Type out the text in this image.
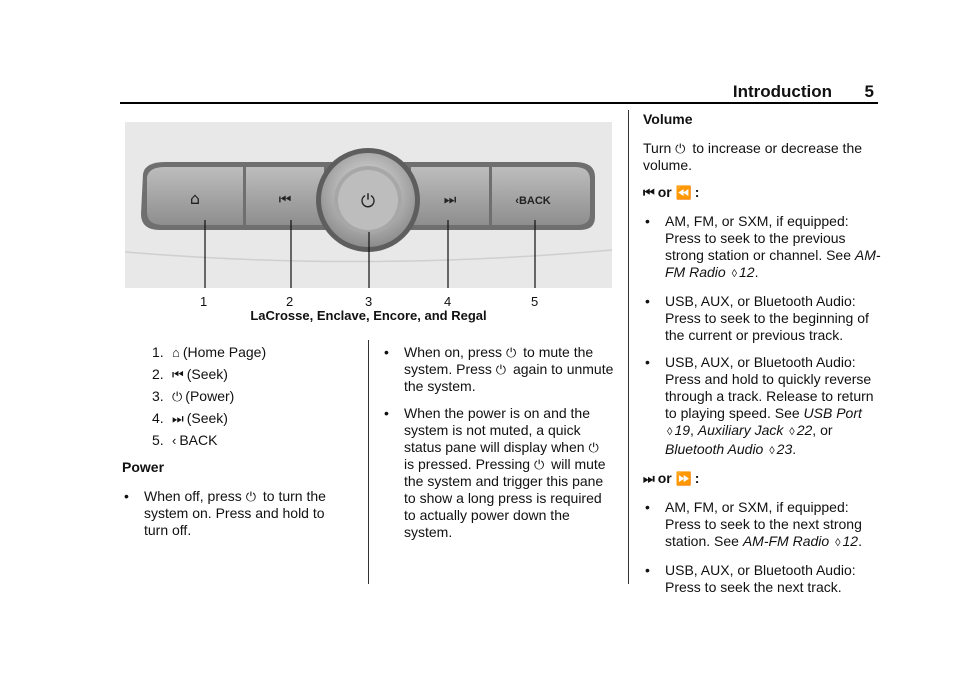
Introduction 5
⌂	⏮	⏻	⏭	‹BACK
1	2	3	4	5
LaCrosse, Enclave, Encore, and Regal
1. ⌂ (Home Page)
2. ⏮ (Seek)
3. ⏻ (Power)
4. ⏭ (Seek)
5. ‹ BACK
Power
• When off, press ⏻ to turn the system on. Press and hold to turn off.
• When on, press ⏻ to mute the system. Press ⏻ again to unmute the system.
• When the power is on and the system is not muted, a quick status pane will display when ⏻ is pressed. Pressing ⏻ will mute the system and trigger this pane to show a long press is required to actually power down the system.
Volume
Turn ⏻ to increase or decrease the volume.
⏮ or ⏪ :
• AM, FM, or SXM, if equipped: Press to seek to the previous strong station or channel. See AM-FM Radio ◊ 12.
• USB, AUX, or Bluetooth Audio: Press to seek to the beginning of the current or previous track.
• USB, AUX, or Bluetooth Audio: Press and hold to quickly reverse through a track. Release to return to playing speed. See USB Port ◊ 19, Auxiliary Jack ◊ 22, or Bluetooth Audio ◊ 23.
⏭ or ⏩ :
• AM, FM, or SXM, if equipped: Press to seek to the next strong station. See AM-FM Radio ◊ 12.
• USB, AUX, or Bluetooth Audio: Press to seek the next track.
